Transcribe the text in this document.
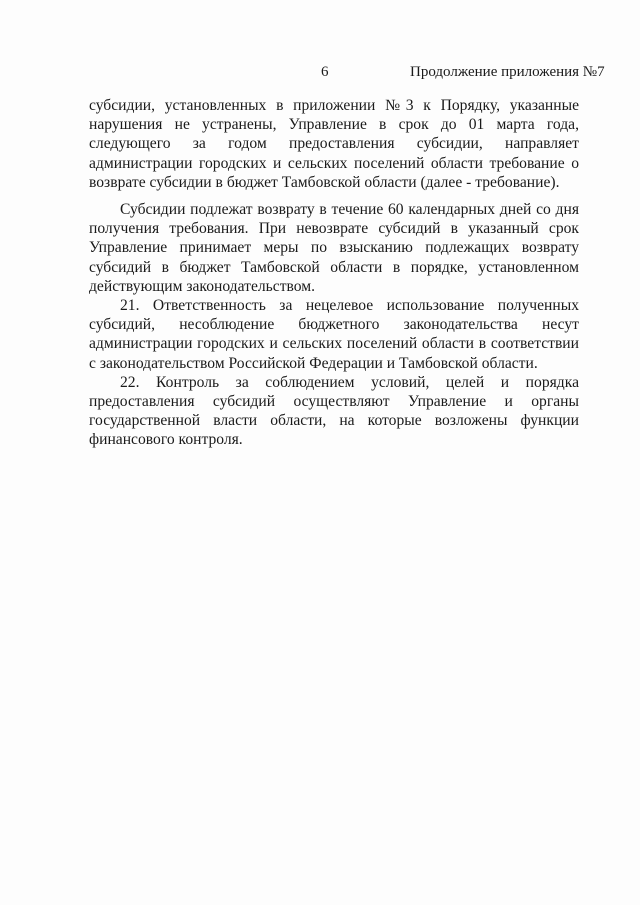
6	Продолжение приложения №7

субсидии, установленных в приложении №3 к Порядку, указанные нарушения не устранены, Управление в срок до 01 марта года, следующего за годом предоставления субсидии, направляет администрации городских и сельских поселений области требование о возврате субсидии в бюджет Тамбовской области (далее - требование).

Субсидии подлежат возврату в течение 60 календарных дней со дня получения требования. При невозврате субсидий в указанный срок Управление принимает меры по взысканию подлежащих возврату субсидий в бюджет Тамбовской области в порядке, установленном действующим законодательством.

21. Ответственность за нецелевое использование полученных субсидий, несоблюдение бюджетного законодательства несут администрации городских и сельских поселений области в соответствии с законодательством Российской Федерации и Тамбовской области.

22. Контроль за соблюдением условий, целей и порядка предоставления субсидий осуществляют Управление и органы государственной власти области, на которые возложены функции финансового контроля.
